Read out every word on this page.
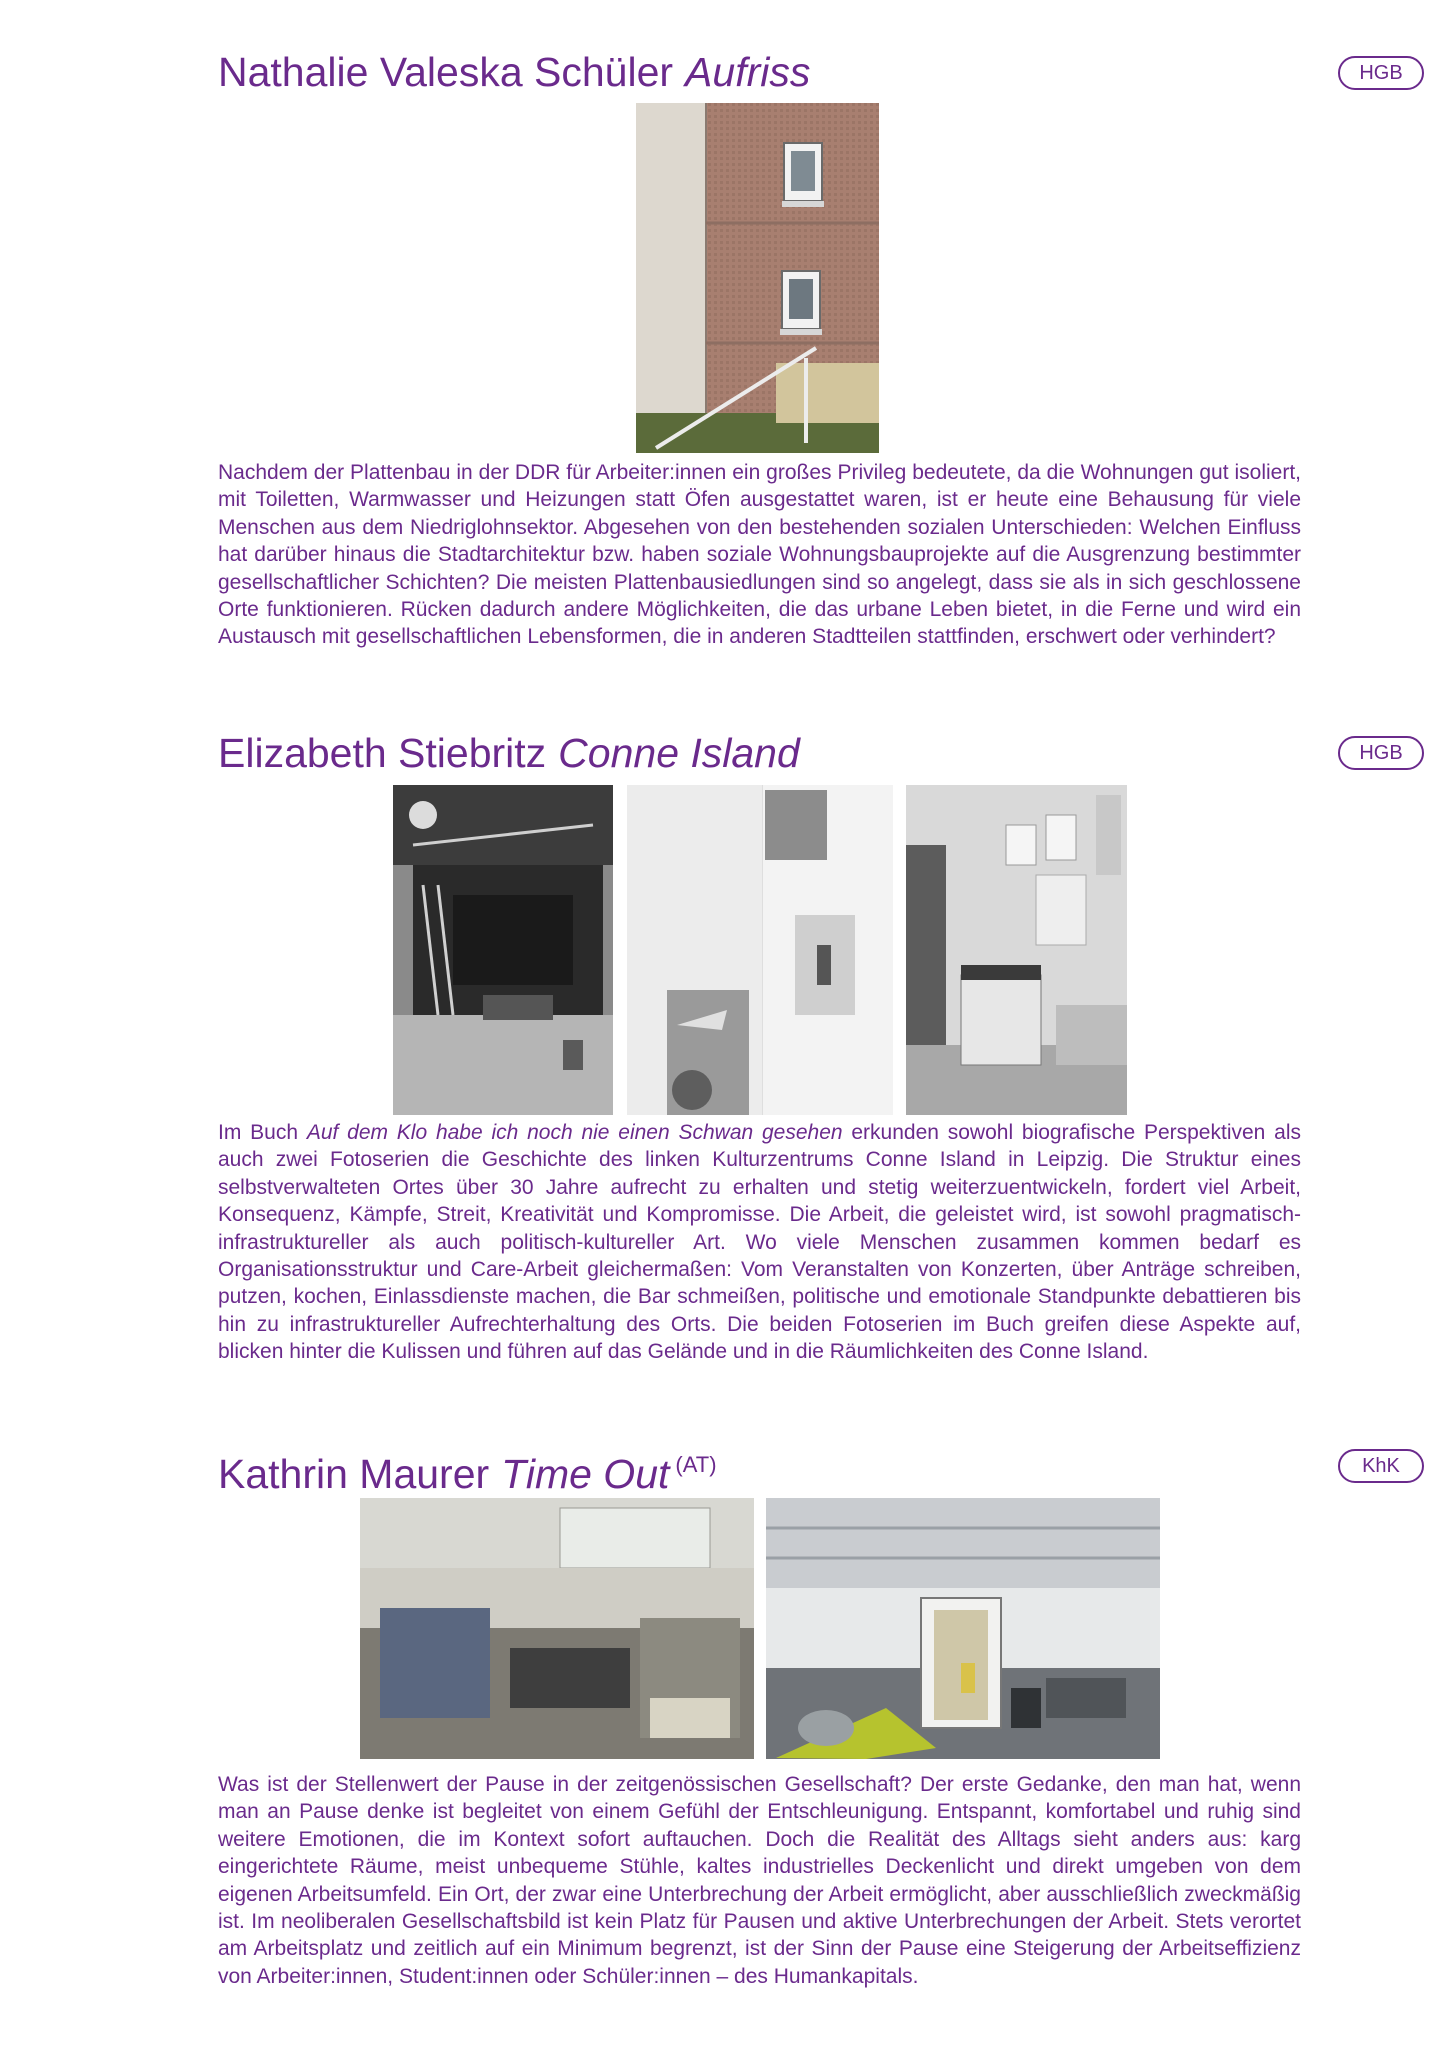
Nathalie Valeska Schüler Aufriss	HGB

Nachdem der Plattenbau in der DDR für Arbeiter:innen ein großes Privileg bedeutete, da die Wohnungen gut isoliert, mit Toiletten, Warmwasser und Heizungen statt Öfen ausgestattet waren, ist er heute eine Behausung für viele Menschen aus dem Niedriglohnsektor. Abgesehen von den bestehenden sozialen Unterschieden: Welchen Einfluss hat darüber hinaus die Stadtarchitektur bzw. haben soziale Wohnungsbauprojekte auf die Ausgrenzung bestimmter gesellschaftlicher Schichten? Die meisten Plattenbausiedlungen sind so angelegt, dass sie als in sich geschlossene Orte funktionieren. Rücken dadurch andere Möglichkeiten, die das urbane Leben bietet, in die Ferne und wird ein Austausch mit gesellschaftlichen Lebensformen, die in anderen Stadtteilen stattfinden, erschwert oder verhindert?

Elizabeth Stiebritz Conne Island	HGB

Im Buch Auf dem Klo habe ich noch nie einen Schwan gesehen erkunden sowohl biografische Perspektiven als auch zwei Fotoserien die Geschichte des linken Kulturzentrums Conne Island in Leipzig. Die Struktur eines selbstverwalteten Ortes über 30 Jahre aufrecht zu erhalten und stetig weiterzuentwickeln, fordert viel Arbeit, Konsequenz, Kämpfe, Streit, Kreativität und Kompromisse. Die Arbeit, die geleistet wird, ist sowohl pragmatisch-infrastruktureller als auch politisch-kultureller Art. Wo viele Menschen zusammen kommen bedarf es Organisationsstruktur und Care-Arbeit gleichermaßen: Vom Veranstalten von Konzerten, über Anträge schreiben, putzen, kochen, Einlassdienste machen, die Bar schmeißen, politische und emotionale Standpunkte debattieren bis hin zu infrastruktureller Aufrechterhaltung des Orts. Die beiden Fotoserien im Buch greifen diese Aspekte auf, blicken hinter die Kulissen und führen auf das Gelände und in die Räumlichkeiten des Conne Island.

Kathrin Maurer Time Out $^{(AT)}$	KhK

Was ist der Stellenwert der Pause in der zeitgenössischen Gesellschaft? Der erste Gedanke, den man hat, wenn man an Pause denke ist begleitet von einem Gefühl der Entschleunigung. Entspannt, komfortabel und ruhig sind weitere Emotionen, die im Kontext sofort auftauchen. Doch die Realität des Alltags sieht anders aus: karg eingerichtete Räume, meist unbequeme Stühle, kaltes industrielles Deckenlicht und direkt umgeben von dem eigenen Arbeitsumfeld. Ein Ort, der zwar eine Unterbrechung der Arbeit ermöglicht, aber ausschließlich zweckmäßig ist. Im neoliberalen Gesellschaftsbild ist kein Platz für Pausen und aktive Unterbrechungen der Arbeit. Stets verortet am Arbeitsplatz und zeitlich auf ein Minimum begrenzt, ist der Sinn der Pause eine Steigerung der Arbeitseffizienz von Arbeiter:innen, Student:innen oder Schüler:innen – des Humankapitals.
